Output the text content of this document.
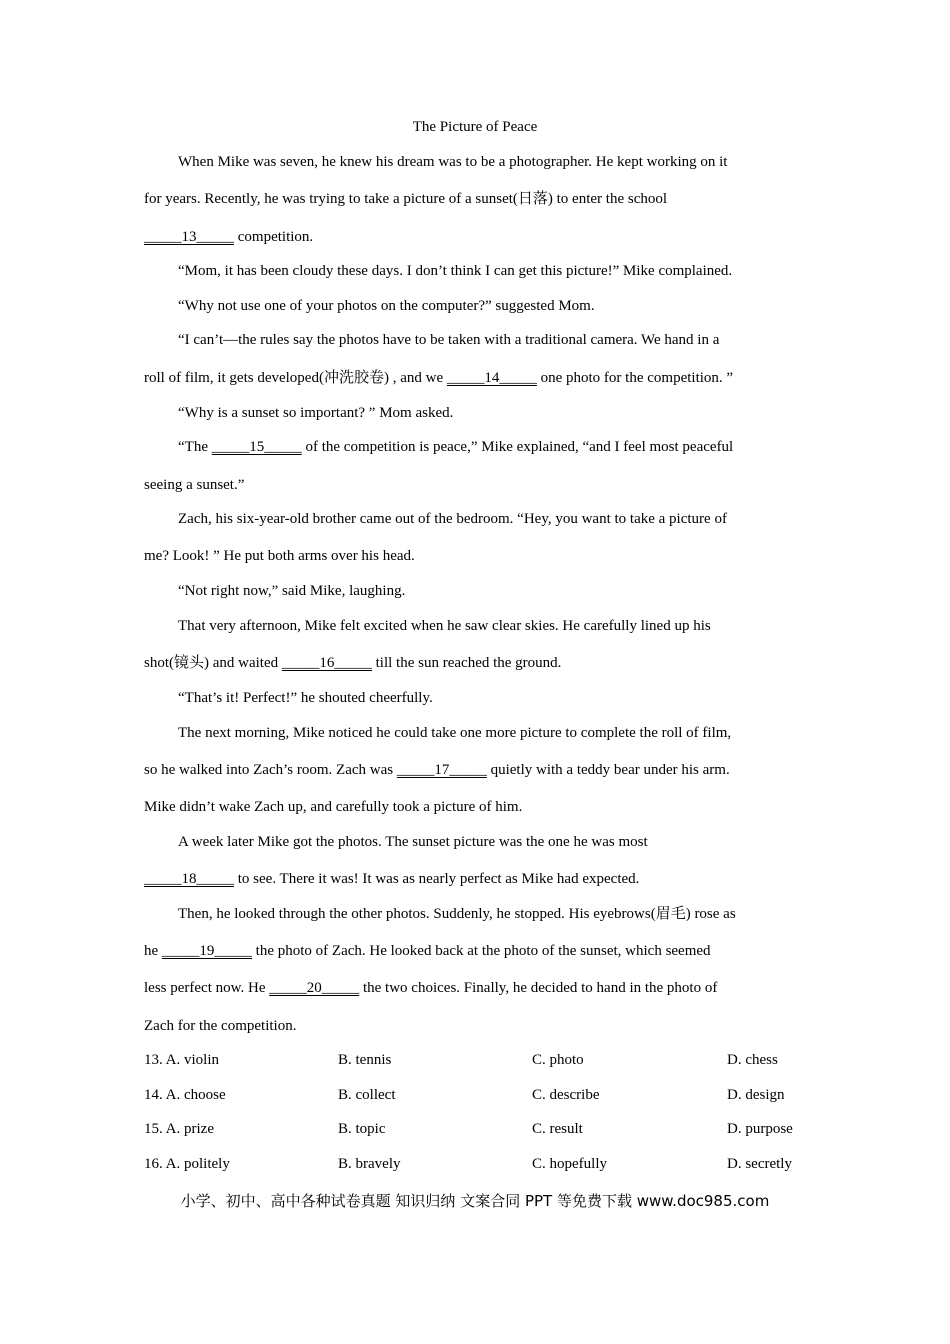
The Picture of Peace
When Mike was seven, he knew his dream was to be a photographer. He kept working on it
for years. Recently, he was trying to take a picture of a sunset(日落) to enter the school
_____13_____ competition.
“Mom, it has been cloudy these days. I don’t think I can get this picture!” Mike complained.
“Why not use one of your photos on the computer?” suggested Mom.
“I can’t—the rules say the photos have to be taken with a traditional camera. We hand in a
roll of film, it gets developed(冲洗胶卷) , and we _____14_____ one photo for the competition. ”
“Why is a sunset so important? ” Mom asked.
“The _____15_____ of the competition is peace,” Mike explained, “and I feel most peaceful
seeing a sunset.”
Zach, his six-year-old brother came out of the bedroom. “Hey, you want to take a picture of
me? Look! ” He put both arms over his head.
“Not right now,” said Mike, laughing.
That very afternoon, Mike felt excited when he saw clear skies. He carefully lined up his
shot(镜头) and waited _____16_____ till the sun reached the ground.
“That’s it! Perfect!” he shouted cheerfully.
The next morning, Mike noticed he could take one more picture to complete the roll of film,
so he walked into Zach’s room. Zach was _____17_____ quietly with a teddy bear under his arm.
Mike didn’t wake Zach up, and carefully took a picture of him.
A week later Mike got the photos. The sunset picture was the one he was most
_____18_____ to see. There it was! It was as nearly perfect as Mike had expected.
Then, he looked through the other photos. Suddenly, he stopped. His eyebrows(眉毛) rose as
he _____19_____ the photo of Zach. He looked back at the photo of the sunset, which seemed
less perfect now. He _____20_____ the two choices. Finally, he decided to hand in the photo of
Zach for the competition.
13. A. violin	B. tennis	C. photo	D. chess
14. A. choose	B. collect	C. describe	D. design
15. A. prize	B. topic	C. result	D. purpose
16. A. politely	B. bravely	C. hopefully	D. secretly
小学、初中、高中各种试卷真题 知识归纳 文案合同 PPT 等免费下载 www.doc985.com
